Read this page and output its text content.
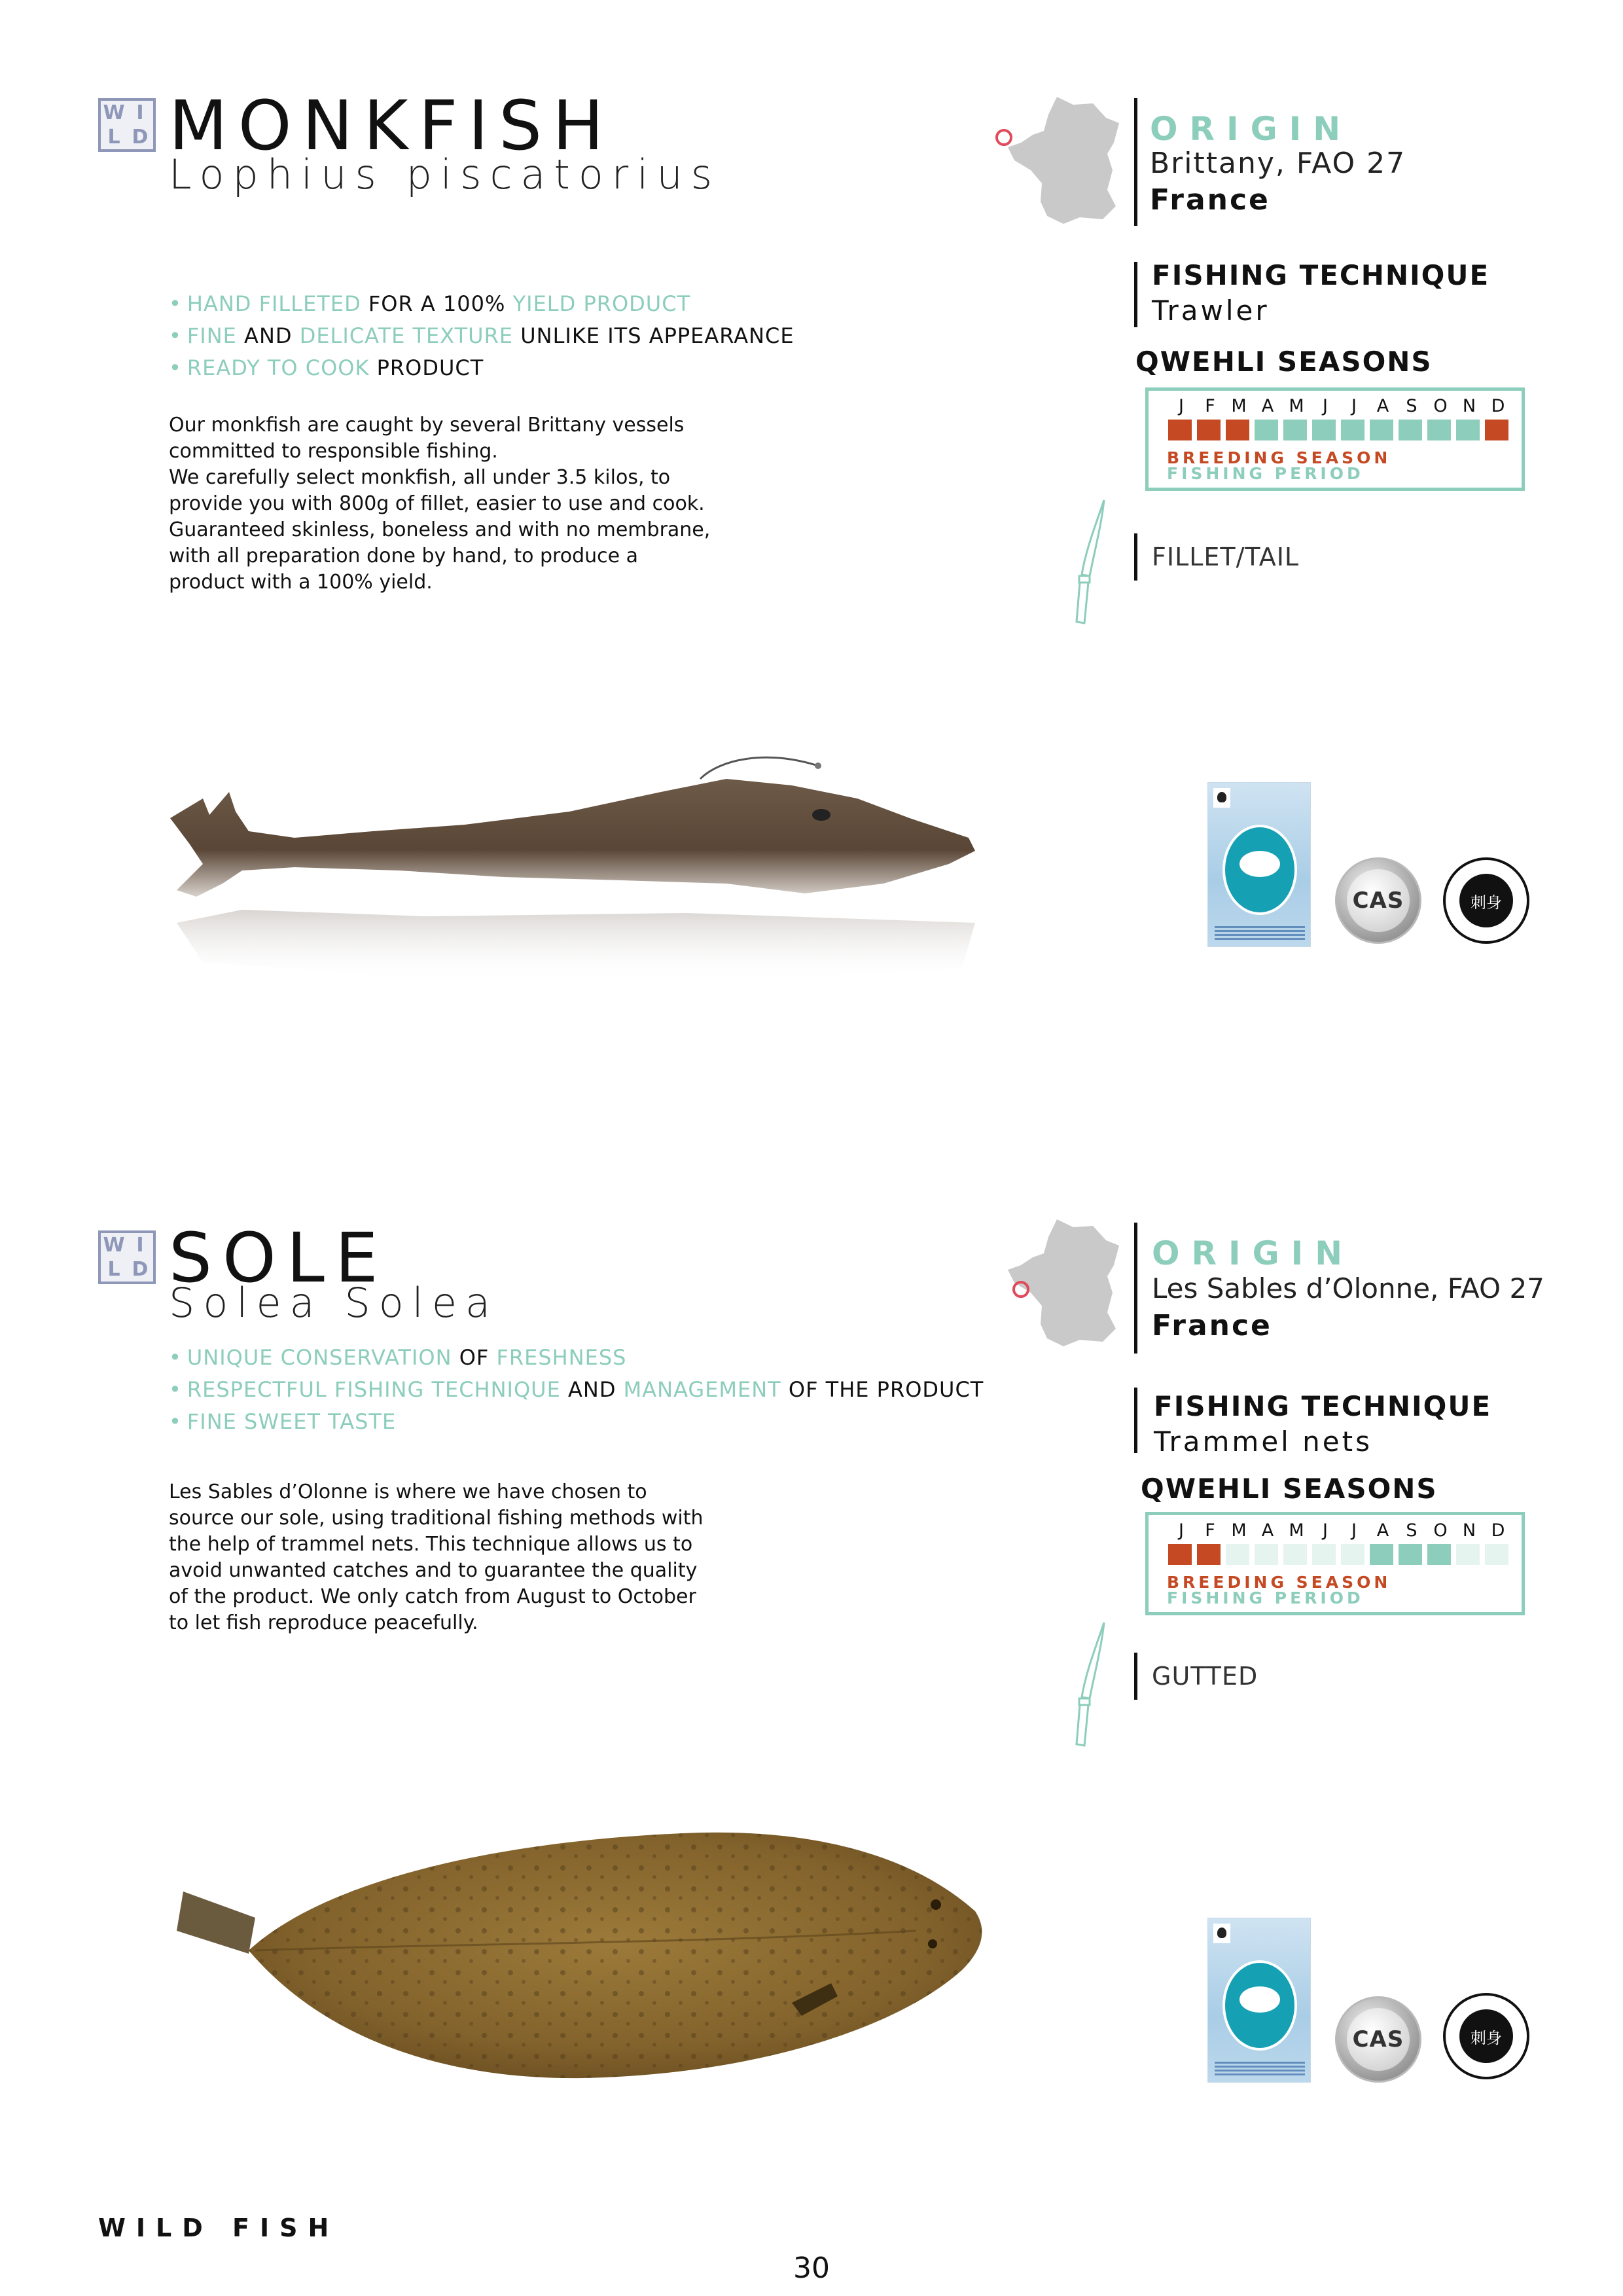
W I
L D MONKFISH
Lophius piscatorius
• HAND FILLETED FOR A 100% YIELD PRODUCT
• FINE AND DELICATE TEXTURE UNLIKE ITS APPEARANCE
• READY TO COOK PRODUCT
Our monkfish are caught by several Brittany vessels
committed to responsible fishing.
We carefully select monkfish, all under 3.5 kilos, to
provide you with 800g of fillet, easier to use and cook.
Guaranteed skinless, boneless and with no membrane,
with all preparation done by hand, to produce a
product with a 100% yield.
ORIGIN
Brittany, FAO 27
France
FISHING TECHNIQUE
Trawler
QWEHLI SEASONS
J	F M A M	J	J	A S O N D
BREEDING SEASON
FISHING PERIOD
FILLET/TAIL
CAS	刺身
W I
L D SOLE
Solea Solea
• UNIQUE CONSERVATION OF FRESHNESS
• RESPECTFUL FISHING TECHNIQUE AND MANAGEMENT OF THE PRODUCT
• FINE SWEET TASTE
Les Sables d’Olonne is where we have chosen to
source our sole, using traditional fishing methods with
the help of trammel nets. This technique allows us to
avoid unwanted catches and to guarantee the quality
of the product. We only catch from August to October
to let fish reproduce peacefully.
ORIGIN
Les Sables d’Olonne, FAO 27
France
FISHING TECHNIQUE
Trammel nets
QWEHLI SEASONS
J	F M A M	J	J	A S O N D
BREEDING SEASON
FISHING PERIOD
GUTTED
CAS	刺身
WILD FISH
30
